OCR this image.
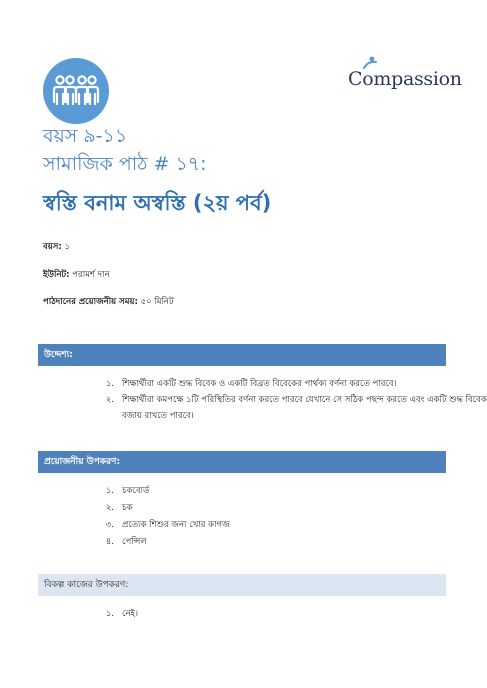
Compassion
বয়স ৯-১১
সামাজিক পাঠ # ১৭:
স্বস্তি বনাম অস্বস্তি (২য় পর্ব)
বয়স: ১
ইউনিট: পরামর্শ দান
পাঠদানের প্রয়োজনীয় সময়: ৫০ মিনিট
উদ্দেশ্য:
১. শিক্ষার্থীরা একটি শুদ্ধ বিবেক ও একটি বিব্রত বিবেকের পার্থক্য বর্ণনা করতে পারবে।
২. শিক্ষার্থীরা কমপক্ষে ১টি পরিস্থিতির বর্ণনা করতে পারবে যেখানে সে সঠিক পছন্দ করতে এবং একটি শুদ্ধ বিবেক
বজায় রাখতে পারবে।
প্রয়োজনীয় উপকরণ:
১. চকবোর্ড
২. চক
৩. প্রত্যেক শিশুর জন্য খোর কাগজ
৪. পেন্সিল
বিকল্প কাজের উপকরণ:
১. নেই।
